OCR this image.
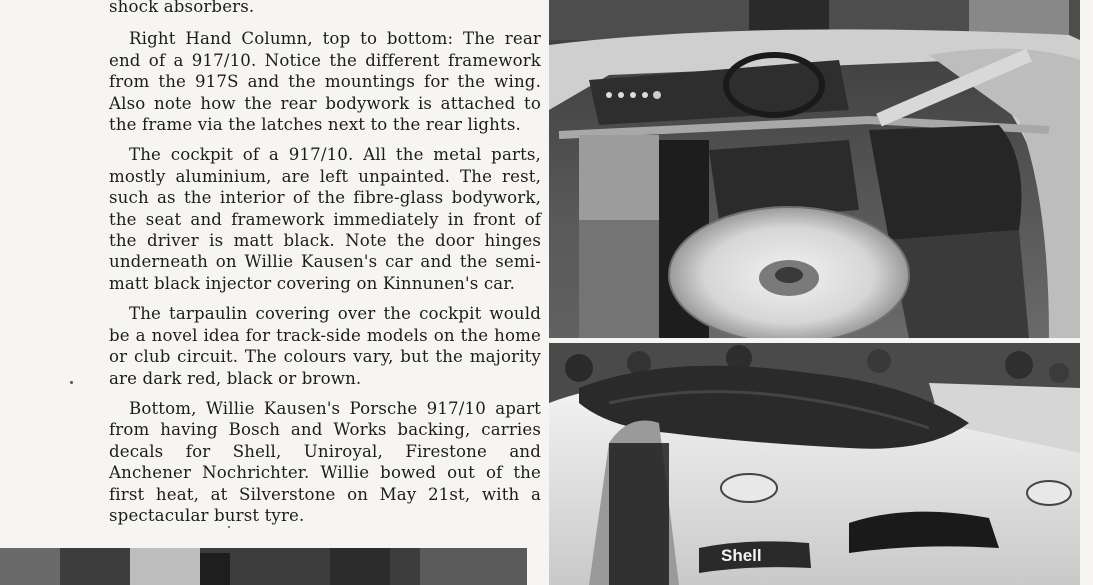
shock absorbers.

Right Hand Column, top to bottom: The rear end of a 917/10. Notice the different framework from the 917S and the mountings for the wing. Also note how the rear bodywork is attached to the frame via the latches next to the rear lights.

The cockpit of a 917/10. All the metal parts, mostly aluminium, are left unpainted. The rest, such as the interior of the fibre-glass bodywork, the seat and framework immediately in front of the driver is matt black. Note the door hinges underneath on Willie Kausen's car and the semi-matt black injector covering on Kinnunen's car.

The tarpaulin covering over the cockpit would be a novel idea for track-side models on the home or club circuit. The colours vary, but the majority are dark red, black or brown.

Bottom, Willie Kausen's Porsche 917/10 apart from having Bosch and Works backing, carries decals for Shell, Uniroyal, Firestone and Anchener Nochrichter. Willie bowed out of the first heat, at Silverstone on May 21st, with a spectacular burst tyre.

Shell
